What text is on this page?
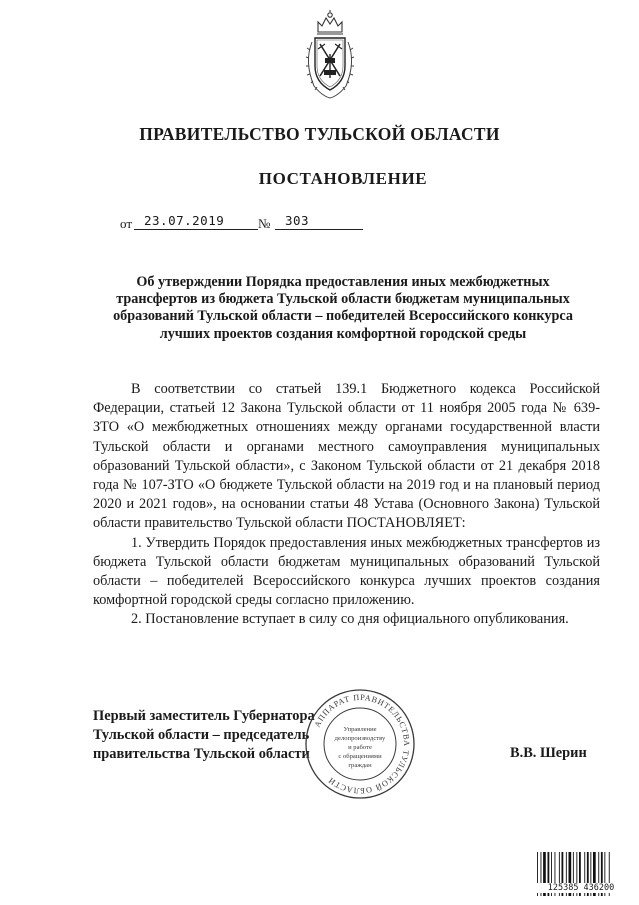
ПРАВИТЕЛЬСТВО ТУЛЬСКОЙ ОБЛАСТИ
ПОСТАНОВЛЕНИЕ
от 23.07.2019	№	303
Об утверждении Порядка предоставления иных межбюджетных трансфертов из бюджета Тульской области бюджетам муниципальных образований Тульской области – победителей Всероссийского конкурса лучших проектов создания комфортной городской среды

В соответствии со статьей 139.1 Бюджетного кодекса Российской Федерации, статьей 12 Закона Тульской области от 11 ноября 2005 года № 639-ЗТО «О межбюджетных отношениях между органами государственной власти Тульской области и органами местного самоуправления муниципальных образований Тульской области», с Законом Тульской области от 21 декабря 2018 года № 107-ЗТО «О бюджете Тульской области на 2019 год и на плановый период 2020 и 2021 годов», на основании статьи 48 Устава (Основного Закона) Тульской области правительство Тульской области ПОСТАНОВЛЯЕТ:

1. Утвердить Порядок предоставления иных межбюджетных трансфертов из бюджета Тульской области бюджетам муниципальных образований Тульской области – победителей Всероссийского конкурса лучших проектов создания комфортной городской среды согласно приложению.

2. Постановление вступает в силу со дня официального опубликования.

Первый заместитель Губернатора
Тульской области – председатель
правительства Тульской области	В.В. Шерин
АППАРАТ ПРАВИТЕЛЬСТВА ТУЛЬСКОЙ ОБЛАСТИ
Управление
делопроизводству
и работе
с обращениями
граждан
125385 436200
